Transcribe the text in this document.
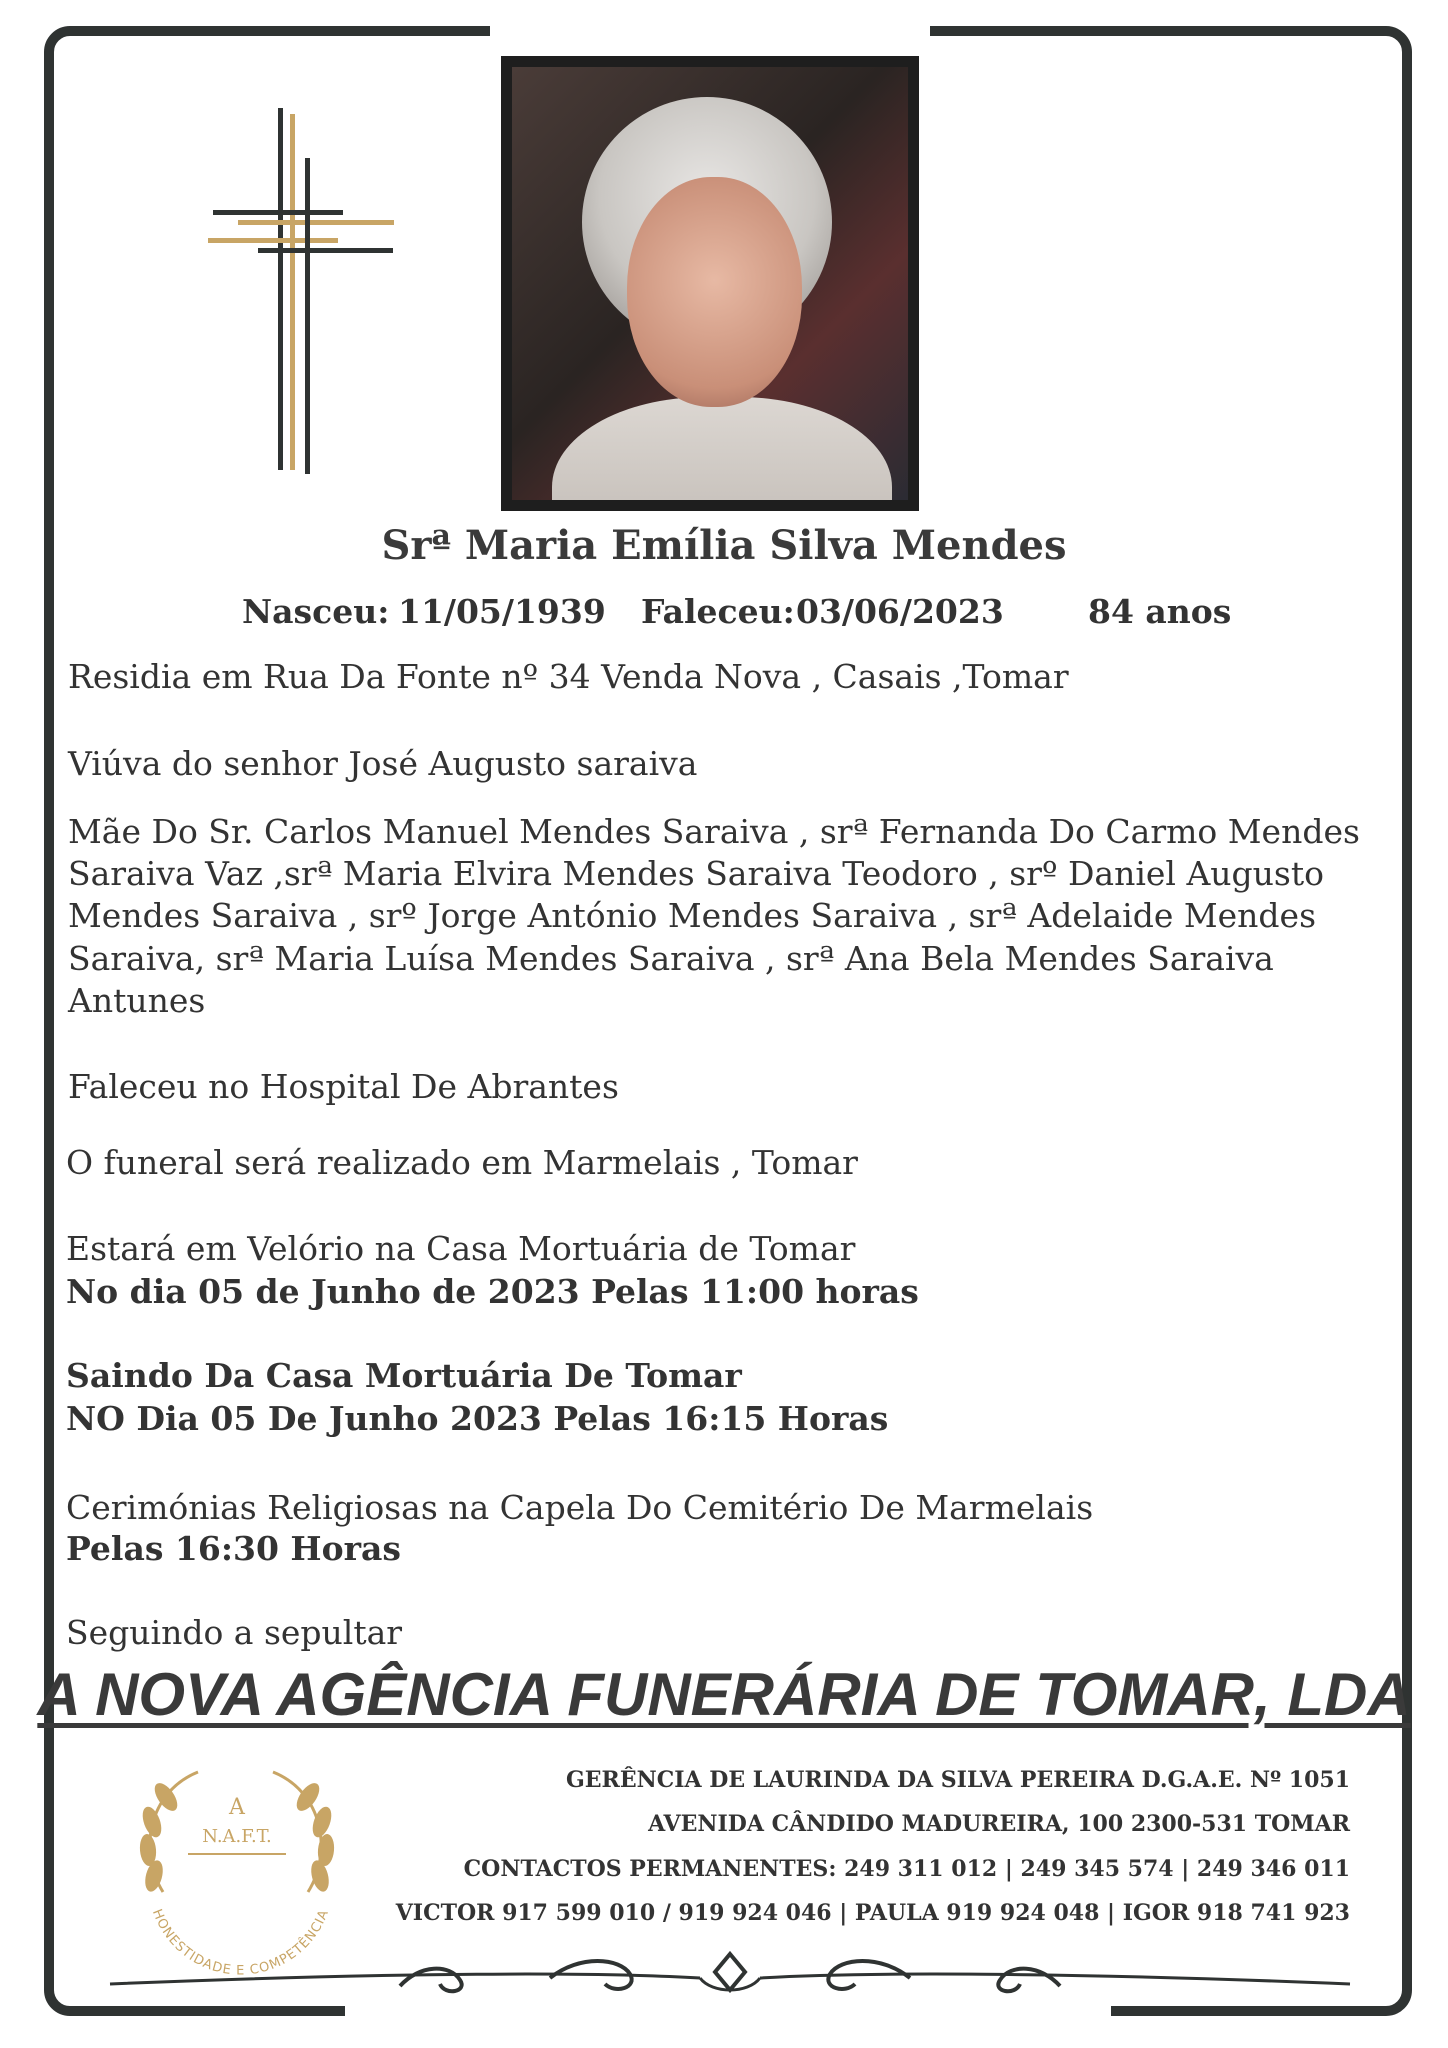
Srª Maria Emília Silva Mendes

Nasceu: 11/05/1939 Faleceu: 03/06/2023	84 anos

Residia em Rua Da Fonte nº 34 Venda Nova , Casais ,Tomar

Viúva do senhor José Augusto saraiva

Mãe Do Sr. Carlos Manuel Mendes Saraiva , srª Fernanda Do Carmo Mendes

Saraiva Vaz ,srª Maria Elvira Mendes Saraiva Teodoro , srº Daniel Augusto

Mendes Saraiva , srº Jorge António Mendes Saraiva , srª Adelaide Mendes

Saraiva, srª Maria Luísa Mendes Saraiva , srª Ana Bela Mendes Saraiva

Antunes

Faleceu no Hospital De Abrantes

O funeral será realizado em Marmelais , Tomar

Estará em Velório na Casa Mortuária de Tomar

No dia 05 de Junho de 2023 Pelas 11:00 horas

Saindo Da Casa Mortuária De Tomar

NO Dia 05 De Junho 2023 Pelas 16:15 Horas

Cerimónias Religiosas na Capela Do Cemitério De Marmelais

Pelas 16:30 Horas

Seguindo a sepultar

A NOVA AGÊNCIA FUNERÁRIA DE TOMAR, LDA

GERÊNCIA DE LAURINDA DA SILVA PEREIRA D.G.A.E. Nº 1051

AVENIDA CÂNDIDO MADUREIRA, 100 2300-531 TOMAR

CONTACTOS PERMANENTES: 249 311 012 | 249 345 574 | 249 346 011

VICTOR 917 599 010 / 919 924 046 | PAULA 919 924 048 | IGOR 918 741 923

A
N.A.F.T.
HONESTIDADE E COMPETÊNCIA
